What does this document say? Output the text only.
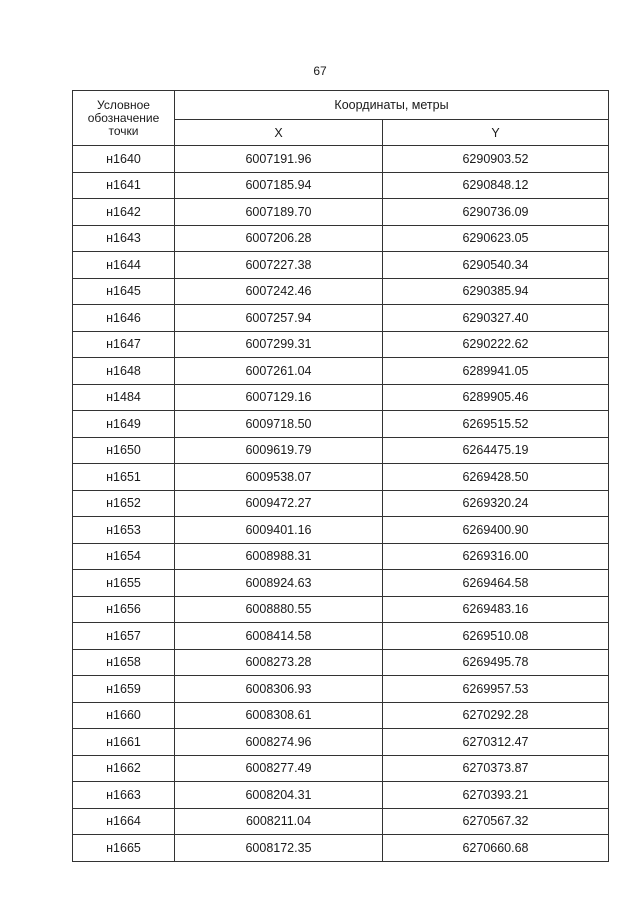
67
Условное обозначение точки	Координаты, метры	
	X	Y
н1640	6007191.96	6290903.52
н1641	6007185.94	6290848.12
н1642	6007189.70	6290736.09
н1643	6007206.28	6290623.05
н1644	6007227.38	6290540.34
н1645	6007242.46	6290385.94
н1646	6007257.94	6290327.40
н1647	6007299.31	6290222.62
н1648	6007261.04	6289941.05
н1484	6007129.16	6289905.46
н1649	6009718.50	6269515.52
н1650	6009619.79	6264475.19
н1651	6009538.07	6269428.50
н1652	6009472.27	6269320.24
н1653	6009401.16	6269400.90
н1654	6008988.31	6269316.00
н1655	6008924.63	6269464.58
н1656	6008880.55	6269483.16
н1657	6008414.58	6269510.08
н1658	6008273.28	6269495.78
н1659	6008306.93	6269957.53
н1660	6008308.61	6270292.28
н1661	6008274.96	6270312.47
н1662	6008277.49	6270373.87
н1663	6008204.31	6270393.21
н1664	6008211.04	6270567.32
н1665	6008172.35	6270660.68
